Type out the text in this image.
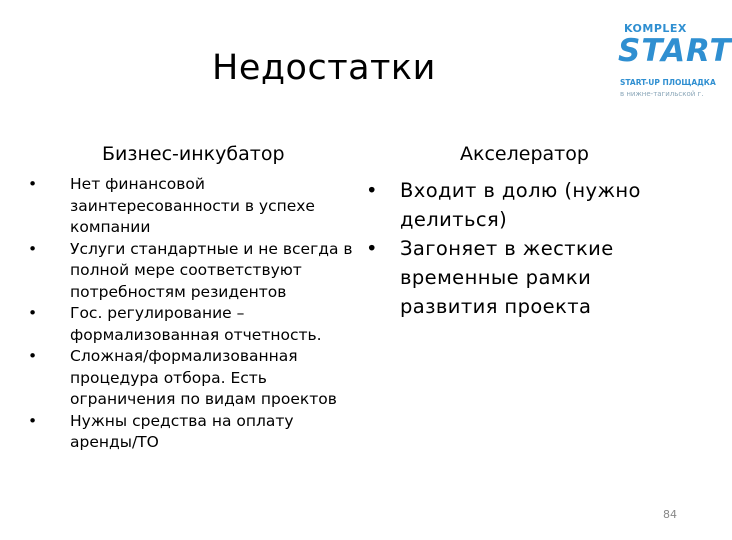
Недостатки
KOMPLEX
START
START-UP ПЛОЩАДКА
в нижне-тагильской г.
Бизнес-инкубатор	Акселератор
• Нет финансовой заинтересованности в успехе компании
• Услуги стандартные и не всегда в полной мере соответствуют потребностям резидентов
• Гос. регулирование – формализованная отчетность.
• Сложная/формализованная процедура отбора. Есть ограничения по видам проектов
• Нужны средства на оплату аренды/ТО
• Входит в долю (нужно делиться)
• Загоняет в жесткие временные рамки развития проекта
84
